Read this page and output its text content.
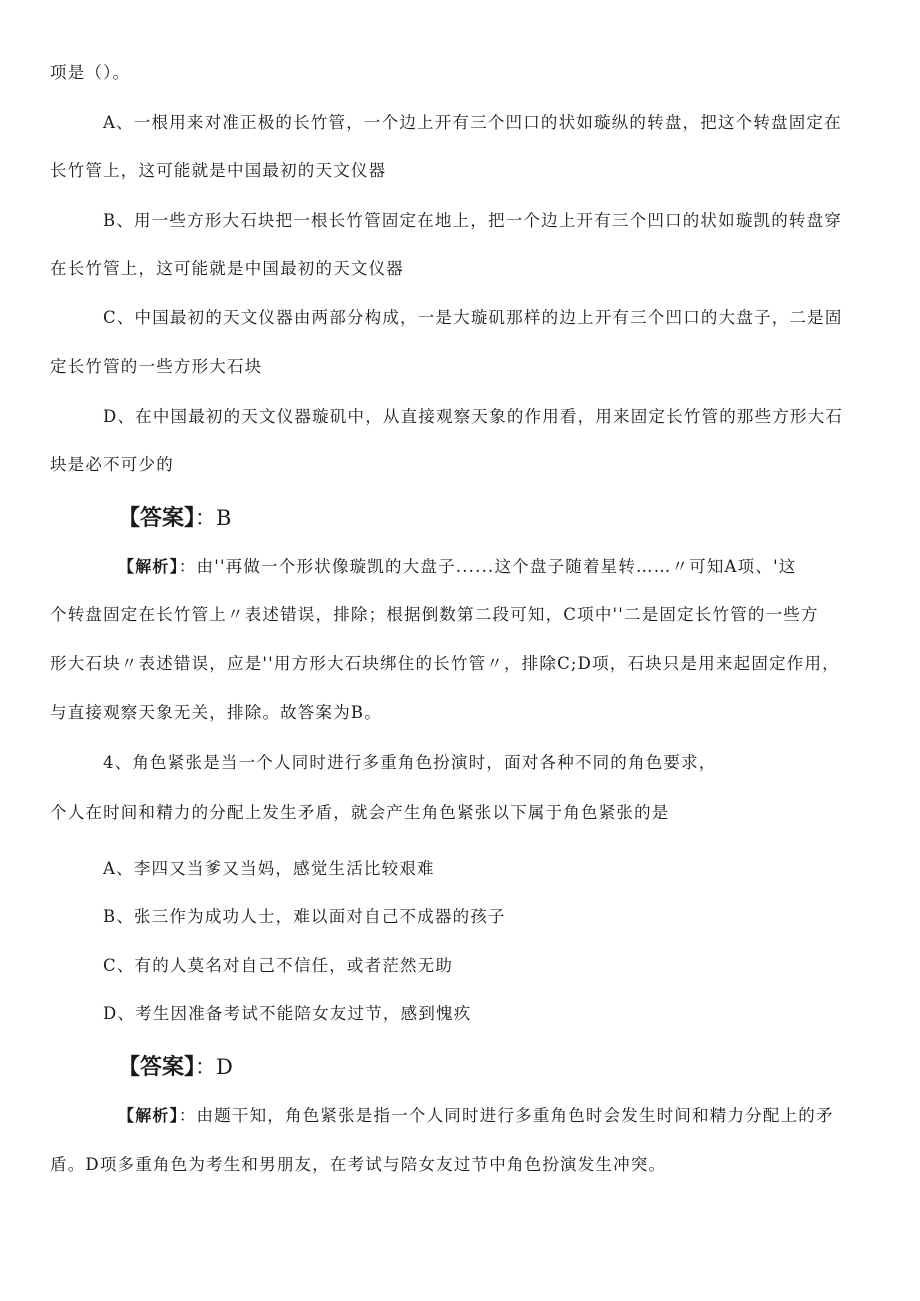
项是（）。
A、一根用来对准正极的长竹管，一个边上开有三个凹口的状如璇纵的转盘，把这个转盘固定在
长竹管上，这可能就是中国最初的天文仪器
B、用一些方形大石块把一根长竹管固定在地上，把一个边上开有三个凹口的状如璇凯的转盘穿
在长竹管上，这可能就是中国最初的天文仪器
C、中国最初的天文仪器由两部分构成，一是大璇矶那样的边上开有三个凹口的大盘子，二是固
定长竹管的一些方形大石块
D、在中国最初的天文仪器璇矶中，从直接观察天象的作用看，用来固定长竹管的那些方形大石
块是必不可少的
【答案】：B
【解析】：由''再做一个形状像璇凯的大盘子......这个盘子随着星转……〃可知A项、'这
个转盘固定在长竹管上〃表述错误，排除；根据倒数第二段可知，C项中''二是固定长竹管的一些方
形大石块〃表述错误，应是''用方形大石块绑住的长竹管〃，排除C;D项，石块只是用来起固定作用，
与直接观察天象无关，排除。故答案为B。
4、角色紧张是当一个人同时进行多重角色扮演时，面对各种不同的角色要求，
个人在时间和精力的分配上发生矛盾，就会产生角色紧张以下属于角色紧张的是
A、李四又当爹又当妈，感觉生活比较艰难
B、张三作为成功人士，难以面对自己不成器的孩子
C、有的人莫名对自己不信任，或者茫然无助
D、考生因准备考试不能陪女友过节，感到愧疚
【答案】：D
【解析】：由题干知，角色紧张是指一个人同时进行多重角色时会发生时间和精力分配上的矛
盾。D项多重角色为考生和男朋友，在考试与陪女友过节中角色扮演发生冲突。
